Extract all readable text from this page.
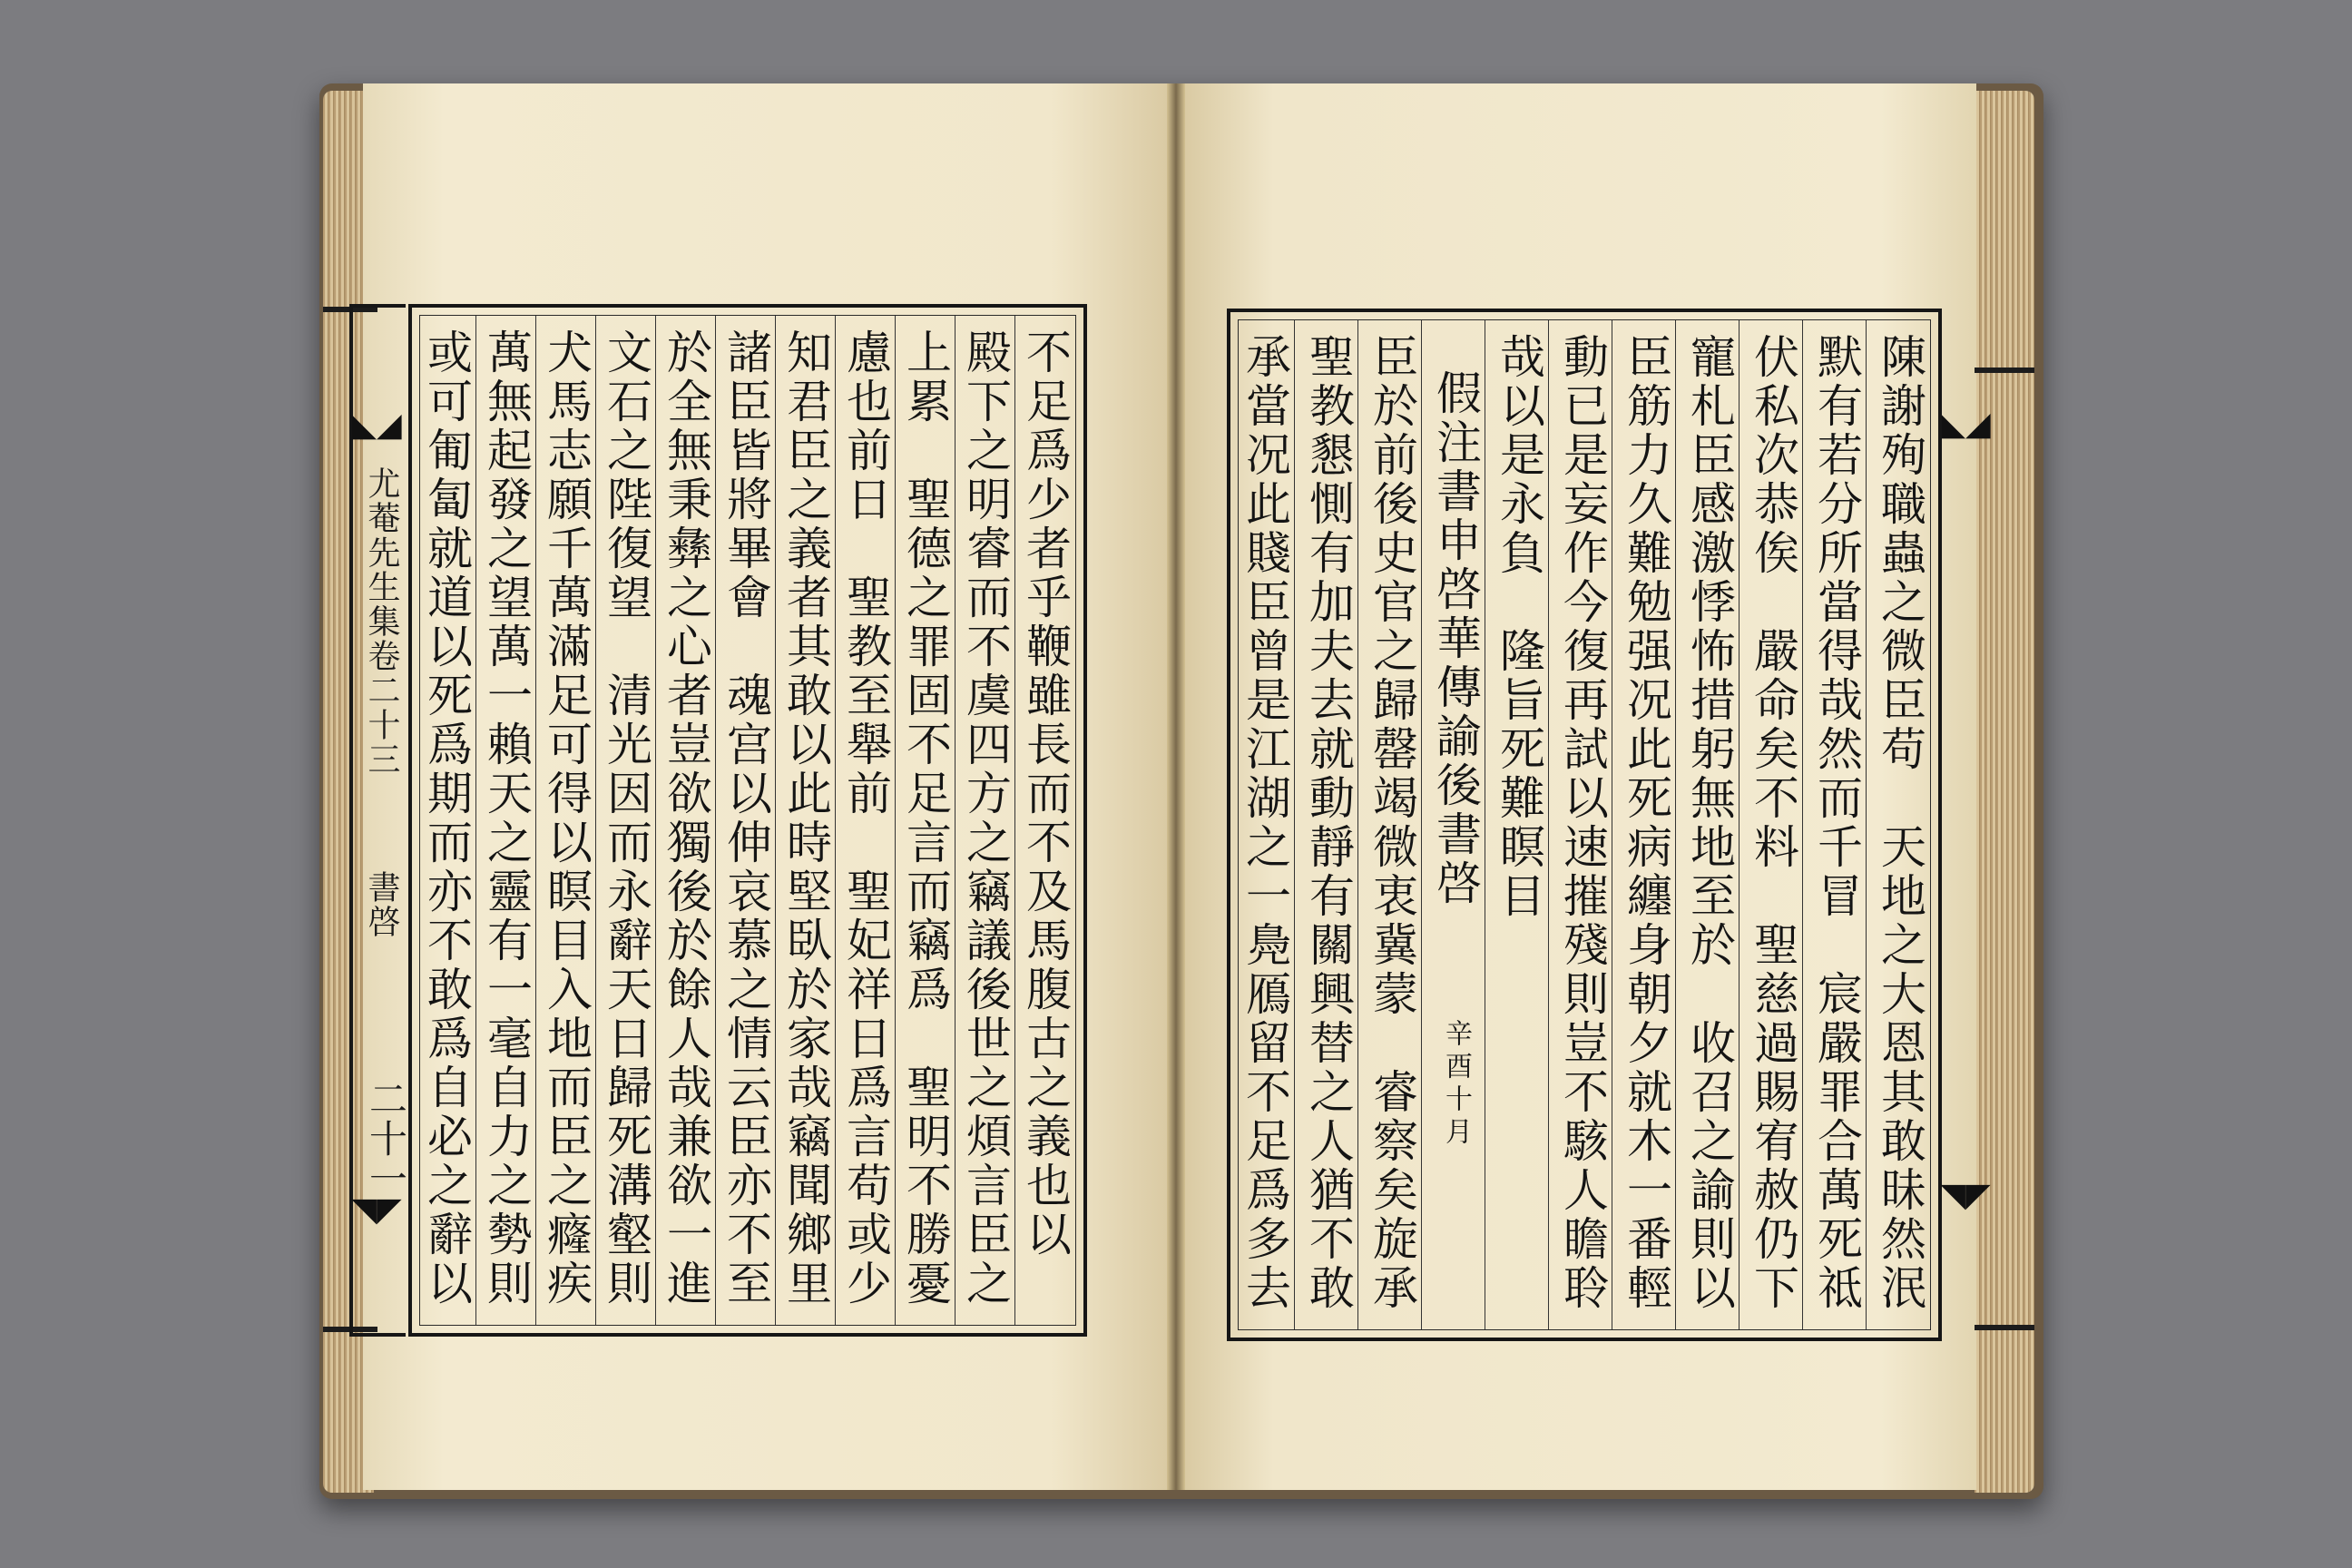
◣◢
尤菴先生集卷二十三
書啓
二十一
◥◤
◣◢
◥◤
不足爲少者乎鞭雖長而不及馬腹古之義也以
殿下之明睿而不虞四方之竊議後世之煩言臣之
上累　聖德之罪固不足言而竊爲　聖明不勝憂
慮也前日　聖教至舉前　聖妃祥日爲言苟或少
知君臣之義者其敢以此時堅臥於家哉竊聞鄉里
諸臣皆將畢會　魂宫以伸哀慕之情云臣亦不至
於全無秉彝之心者豈欲獨後於餘人哉兼欲一進
文石之陛復望　清光因而永辭天日歸死溝壑則
犬馬志願千萬滿足可得以瞑目入地而臣之癃疾
萬無起發之望萬一賴天之靈有一毫自力之勢則
或可匍匐就道以死爲期而亦不敢爲自必之辭以	陳謝殉職蟲之微臣苟　天地之大恩其敢昧然泯
默有若分所當得哉然而千冒　宸嚴罪合萬死祗
伏私次恭俟　嚴命矣不料　聖慈過賜宥赦仍下
寵札臣感激悸怖措躬無地至於　收召之諭則以
臣筋力久難勉强况此死病纏身朝夕就木一番輕
動已是妄作今復再試以速摧殘則豈不駭人瞻聆
哉以是永負　隆旨死難瞑目
假注書申啓華傳諭後書啓
辛酉十月
臣於前後史官之歸罄竭微衷冀蒙　睿察矣旋承
聖教懇惻有加夫去就動靜有關興替之人猶不敢
承當况此賤臣曾是江湖之一鳧鴈留不足爲多去
